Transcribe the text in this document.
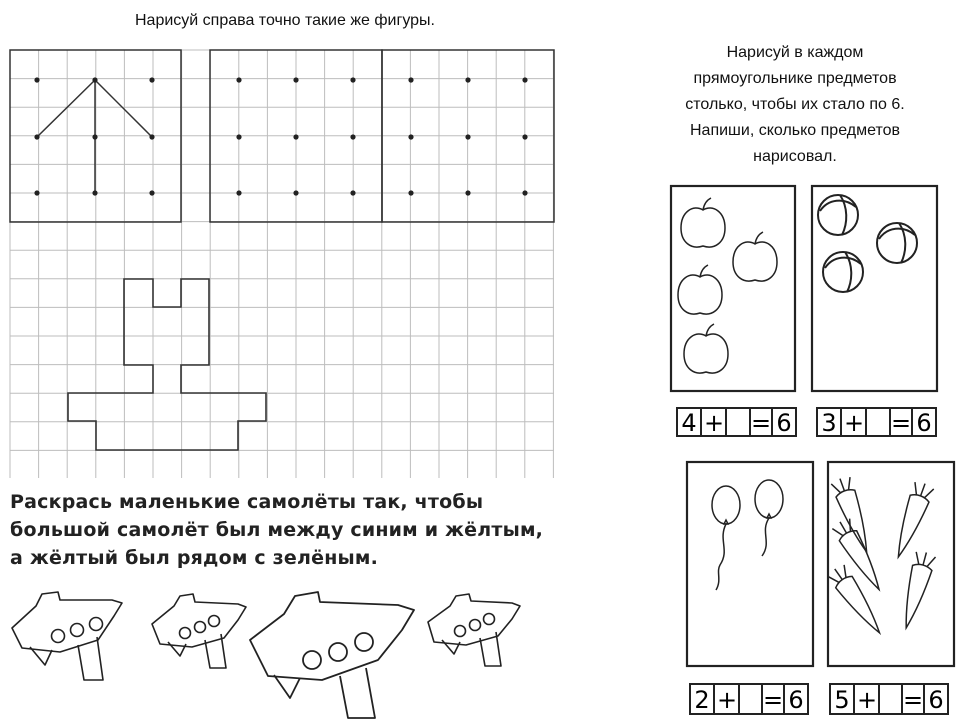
Нарисуй справа точно такие же фигуры.
Нарисуй в каждом
прямоугольнике предметов
столько, чтобы их стало по 6.
Напиши, сколько предметов
нарисовал.
4 + = 6 3 + = 6
2 + = 6 5 + = 6
Раскрась маленькие самолёты так, чтобы
большой самолёт был между синим и жёлтым,
а жёлтый был рядом с зелёным.
